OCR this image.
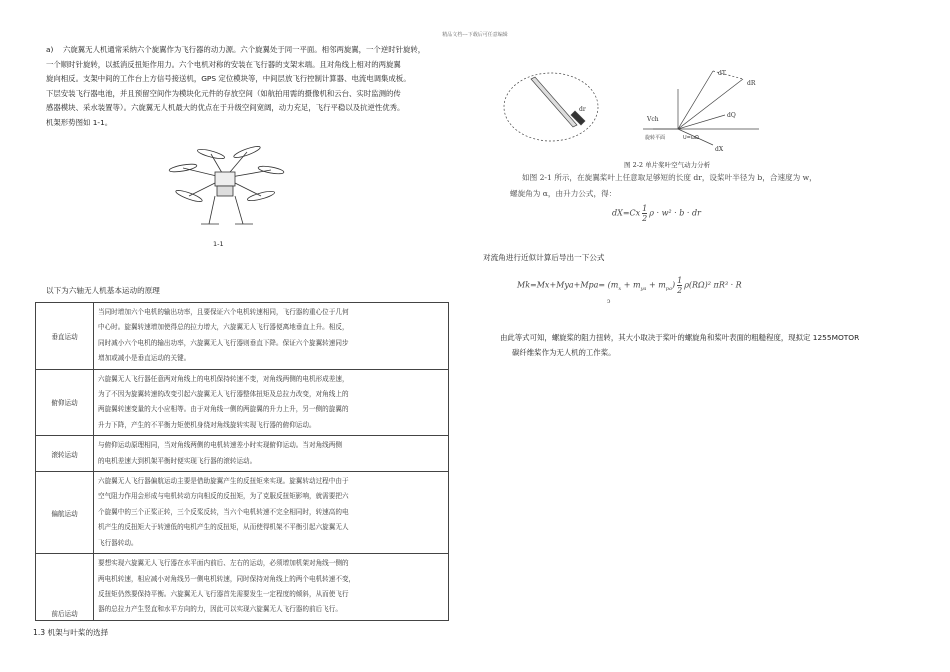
精品文档---下载后可任意编辑
a) 六旋翼无人机通常采纳六个旋翼作为飞行器的动力源。六个旋翼处于同一平面。相邻两旋翼，一个逆时针旋转，
一个顺时针旋转，以抵消反扭矩作用力。六个电机对称的安装在飞行器的支架末端。且对角线上相对的两旋翼
旋向相反。支架中间的工作台上方信号接送机，GPS 定位模块等，中间层放飞行控制计算器、电流电调集成板。
下层安装飞行器电池，并且预留空间作为模块化元件的存放空间（如航拍用需的摄像机和云台、实时监测的传
感器模块、采水装置等）。六旋翼无人机最大的优点在于升级空间宽阔，动力充足，飞行平稳以及抗逆性优秀。
机架形势图如 1-1。
1-1
以下为六轴无人机基本运动的原理
垂直运动	当同时增加六个电机的输出功率，且要保证六个电机转速相同，飞行器的重心位于几何
中心时。旋翼转速增加使得总的拉力增大，六旋翼无人飞行器便离地垂直上升。相反，
同时减小六个电机的输出功率，六旋翼无人飞行器则垂直下降。保证六个旋翼转速同步
增加或减小是垂直运动的关键。

俯仰运动	六旋翼无人飞行器任意两对角线上的电机保持转速不变，对角线两侧的电机形成差速，
为了不因为旋翼转速的改变引起六旋翼无人飞行器整体扭矩及总拉力改变，对角线上的
两旋翼转速变量的大小应相等。由于对角线一侧的两旋翼的升力上升，另一侧的旋翼的
升力下降，产生的不平衡力矩使机身绕对角线旋转实现飞行器的俯仰运动。

滚转运动	与俯仰运动原理相同，当对角线两侧的电机转速差小时实现俯仰运动。当对角线两侧
的电机差速大到机架平衡时便实现飞行器的滚转运动。

偏航运动	六旋翼无人飞行器偏航运动主要是借助旋翼产生的反扭矩来实现。旋翼转动过程中由于
空气阻力作用会形成与电机转动方向相反的反扭矩，为了克服反扭矩影响，就需要把六
个旋翼中的三个正桨正转，三个反桨反转，当六个电机转速不完全相同时，转速高的电
机产生的反扭矩大于转速低的电机产生的反扭矩，从而使得机架不平衡引起六旋翼无人
飞行器转动。

前后运动	要想实现六旋翼无人飞行器在水平面内前后、左右的运动，必须增加机架对角线一侧的
两电机转速，相应减小对角线另一侧电机转速，同时保持对角线上的两个电机转速不变，
反扭矩仍然要保持平衡。六旋翼无人飞行器首先需要发生一定程度的倾斜，从而使飞行
器的总拉力产生竖直和水平方向的力，因此可以实现六旋翼无人飞行器的前后飞行。
1.3 机架与叶桨的选择
dT
dR
dr
dQ
dX
Vch
旋转平面	U=ωΩ
图 2-2 单片桨叶空气动力分析
如图 2-1 所示，在旋翼桨叶上任意取足够短的长度 dr，设桨叶半径为 b，合速度为 w，
螺旋角为 α，由升力公式，得：
$dX=Cx \frac{1}{2}$ ρ · w² · b · dr
对流角进行近似计算后导出一下公式
$Mk=Mx+Mya+Mpa= (m_x + m_{ya} + m_{pa}) \frac{1}{2} \rho(R\Omega)^2$ πR³ · R
ↄ
由此等式可知，螺旋桨的阻力扭转，其大小取决于桨叶的螺旋角和桨叶表面的粗糙程度，现拟定 1255MOTOR
碳纤维桨作为无人机的工作桨。
